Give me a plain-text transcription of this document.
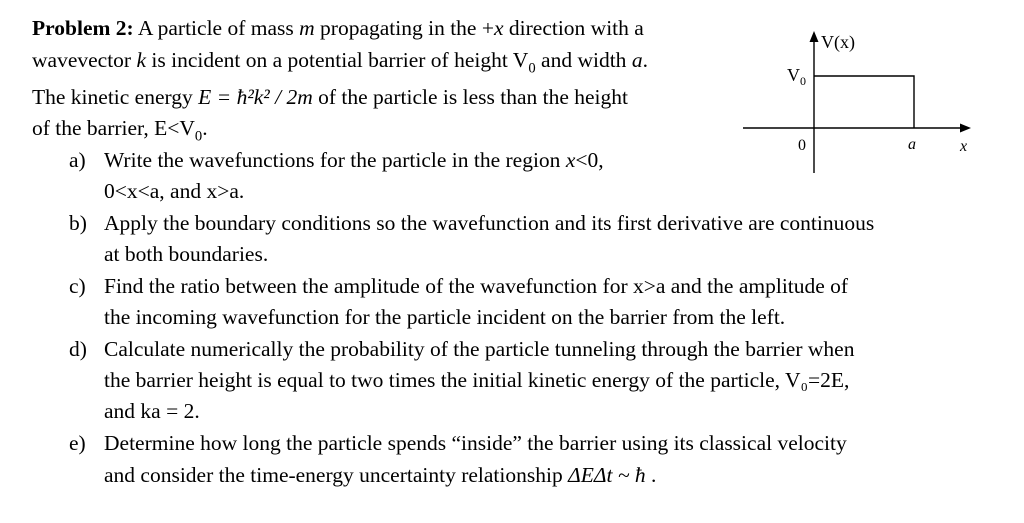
Problem 2: A particle of mass m propagating in the +x direction with a
wavevector k is incident on a potential barrier of height $V_0$ and width a.
The kinetic energy E = ħ²k² / 2m of the particle is less than the height
of the barrier, $E<V_0$.
a) Write the wavefunctions for the particle in the region x<0,
0<x<a, and x>a.
b) Apply the boundary conditions so the wavefunction and its first derivative are continuous
at both boundaries.
c) Find the ratio between the amplitude of the wavefunction for x>a and the amplitude of
the incoming wavefunction for the particle incident on the barrier from the left.
d) Calculate numerically the probability of the particle tunneling through the barrier when
the barrier height is equal to two times the initial kinetic energy of the particle, V₀=2E,
and ka = 2.
e) Determine how long the particle spends “inside” the barrier using its classical velocity
and consider the time-energy uncertainty relationship ΔEΔt ~ ħ .
V(x)
$V_0$
0	a	x
